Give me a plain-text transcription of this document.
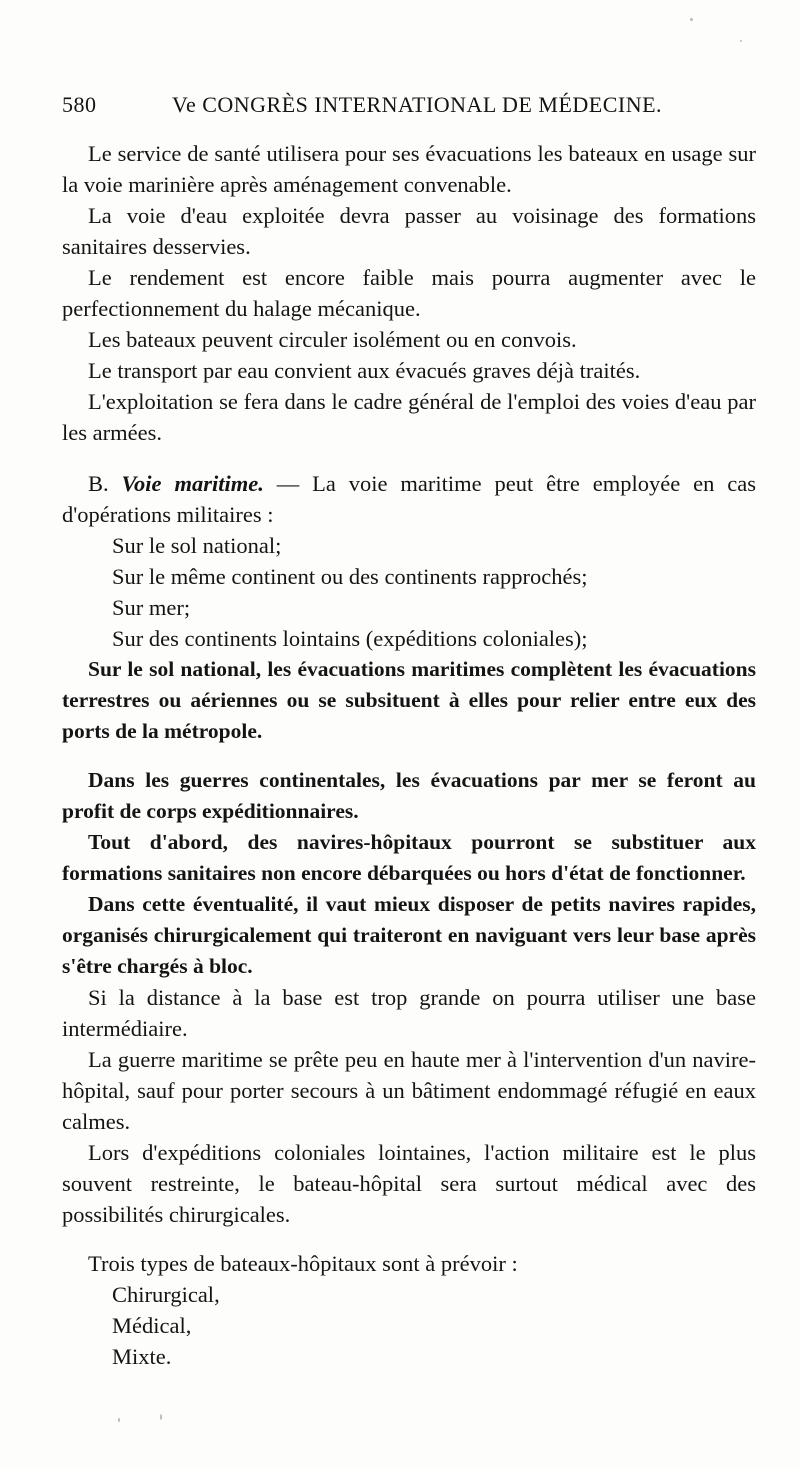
580	Ve CONGRÈS INTERNATIONAL DE MÉDECINE.

Le service de santé utilisera pour ses évacuations les bateaux en usage sur la voie marinière après aménagement convenable.

La voie d'eau exploitée devra passer au voisinage des formations sanitaires desservies.

Le rendement est encore faible mais pourra augmenter avec le perfectionnement du halage mécanique.

Les bateaux peuvent circuler isolément ou en convois.

Le transport par eau convient aux évacués graves déjà traités.

L'exploitation se fera dans le cadre général de l'emploi des voies d'eau par les armées.

B. Voie maritime. — La voie maritime peut être employée en cas d'opérations militaires :

Sur le sol national;
Sur le même continent ou des continents rapprochés;
Sur mer;
Sur des continents lointains (expéditions coloniales);

Sur le sol national, les évacuations maritimes complètent les évacuations terrestres ou aériennes ou se subsituent à elles pour relier entre eux des ports de la métropole.

Dans les guerres continentales, les évacuations par mer se feront au profit de corps expéditionnaires.

Tout d'abord, des navires-hôpitaux pourront se substituer aux formations sanitaires non encore débarquées ou hors d'état de fonctionner.

Dans cette éventualité, il vaut mieux disposer de petits navires rapides, organisés chirurgicalement qui traiteront en naviguant vers leur base après s'être chargés à bloc.

Si la distance à la base est trop grande on pourra utiliser une base intermédiaire.

La guerre maritime se prête peu en haute mer à l'intervention d'un navire-hôpital, sauf pour porter secours à un bâtiment endommagé réfugié en eaux calmes.

Lors d'expéditions coloniales lointaines, l'action militaire est le plus souvent restreinte, le bateau-hôpital sera surtout médical avec des possibilités chirurgicales.

Trois types de bateaux-hôpitaux sont à prévoir :

Chirurgical,
Médical,
Mixte.
